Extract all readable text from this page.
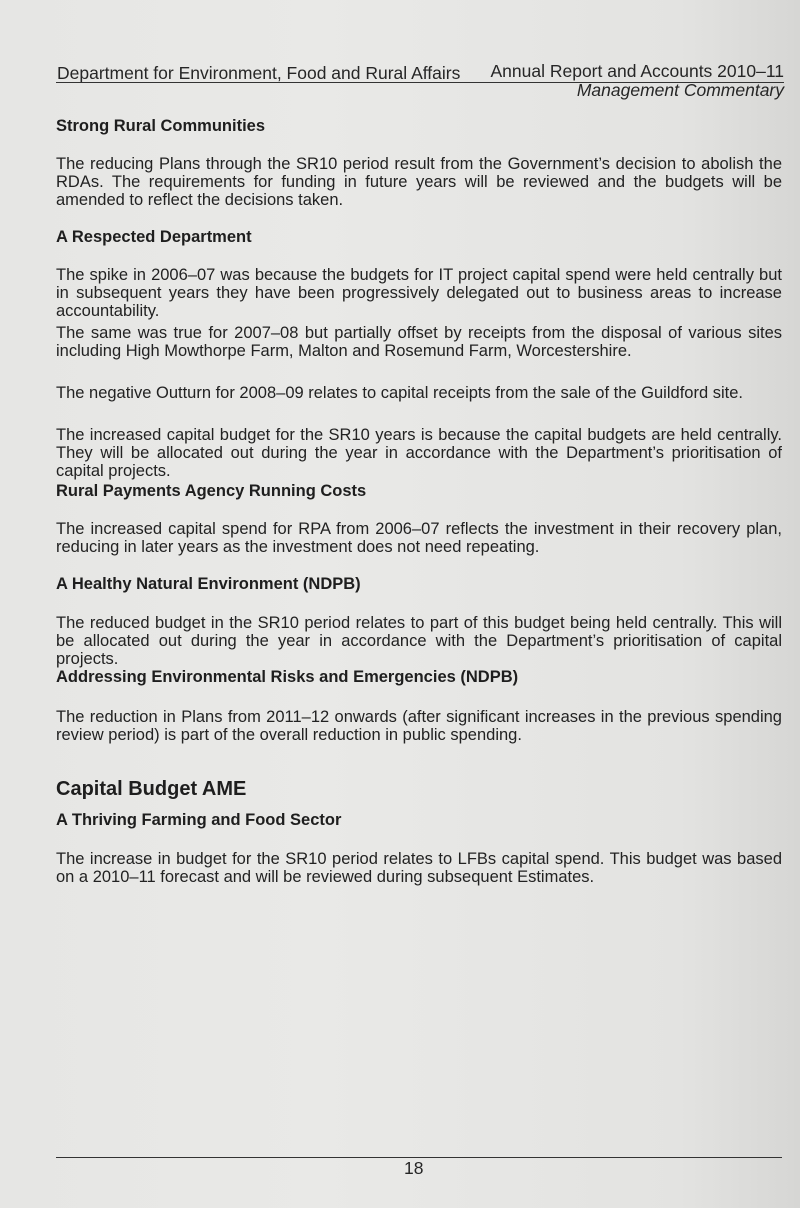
Department for Environment, Food and Rural Affairs Annual Report and Accounts 2010–11
Management Commentary
Strong Rural Communities
The reducing Plans through the SR10 period result from the Government’s decision to abolish the RDAs. The requirements for funding in future years will be reviewed and the budgets will be amended to reflect the decisions taken.
A Respected Department
The spike in 2006–07 was because the budgets for IT project capital spend were held centrally but in subsequent years they have been progressively delegated out to business areas to increase accountability.
The same was true for 2007–08 but partially offset by receipts from the disposal of various sites including High Mowthorpe Farm, Malton and Rosemund Farm, Worcestershire.
The negative Outturn for 2008–09 relates to capital receipts from the sale of the Guildford site.
The increased capital budget for the SR10 years is because the capital budgets are held centrally. They will be allocated out during the year in accordance with the Department’s prioritisation of capital projects.
Rural Payments Agency Running Costs
The increased capital spend for RPA from 2006–07 reflects the investment in their recovery plan, reducing in later years as the investment does not need repeating.
A Healthy Natural Environment (NDPB)
The reduced budget in the SR10 period relates to part of this budget being held centrally. This will be allocated out during the year in accordance with the Department’s prioritisation of capital projects.
Addressing Environmental Risks and Emergencies (NDPB)
The reduction in Plans from 2011–12 onwards (after significant increases in the previous spending review period) is part of the overall reduction in public spending.
Capital Budget AME
A Thriving Farming and Food Sector
The increase in budget for the SR10 period relates to LFBs capital spend. This budget was based on a 2010–11 forecast and will be reviewed during subsequent Estimates.
18
